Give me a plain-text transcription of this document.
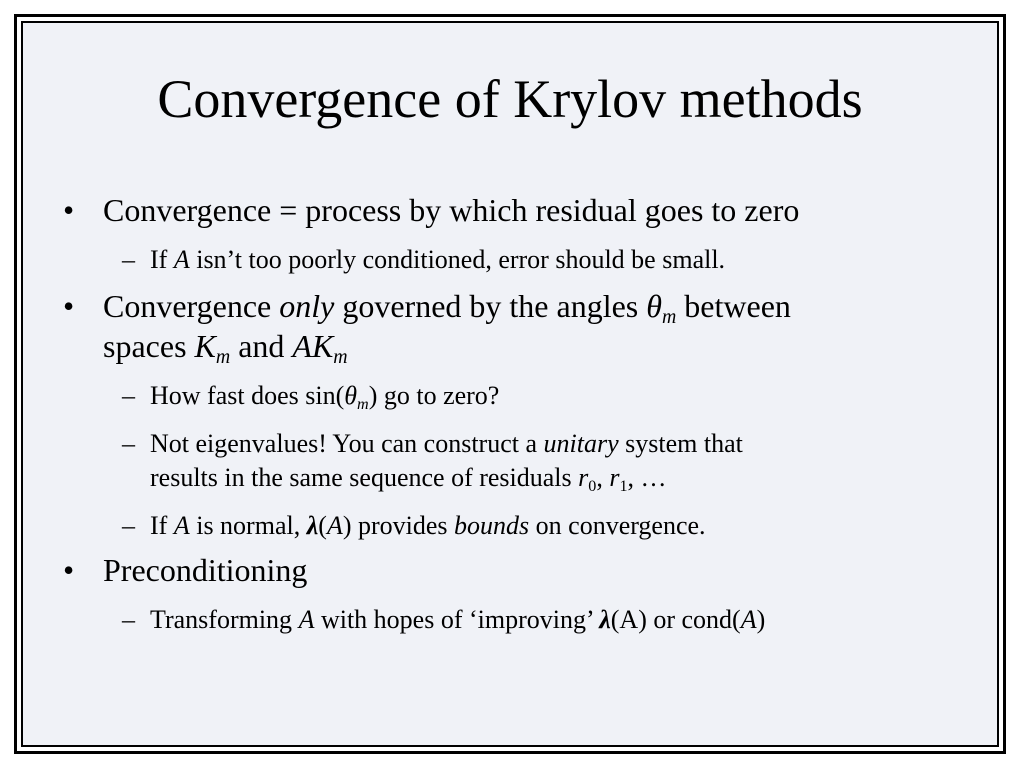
Convergence of Krylov methods

• Convergence = process by which residual goes to zero

– If A isn’t too poorly conditioned, error should be small.

• Convergence only governed by the angles $\theta_m$ between

spaces $K_m$ and $AK_m$

– How fast does $\sin(\theta_m)$ go to zero?

– Not eigenvalues! You can construct a unitary system that

results in the same sequence of residuals $r_0$, $r_1$, …

– If A is normal, λ(A) provides bounds on convergence.

• Preconditioning

– Transforming A with hopes of ‘improving’ λ(A) or cond(A)
